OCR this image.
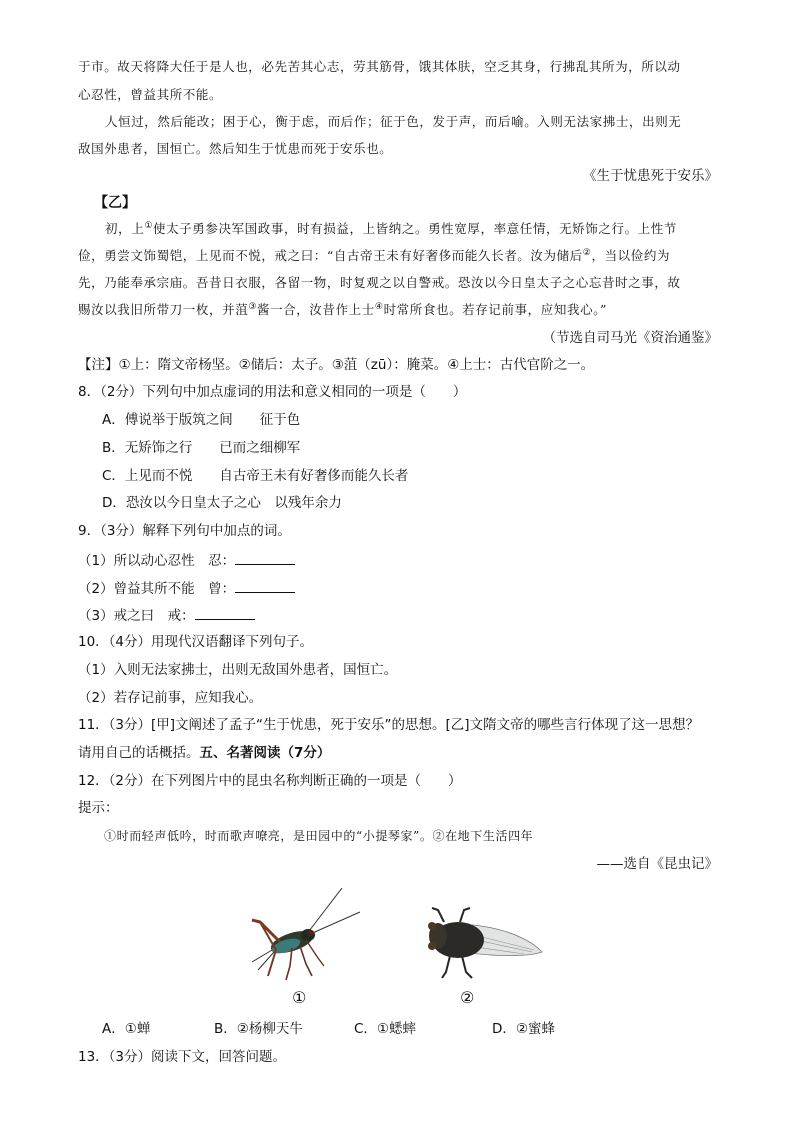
于市。故天将降大任于是人也，必先苦其心志，劳其筋骨，饿其体肤，空乏其身，行拂乱其所为，所以动
心忍性，曾益其所不能。
人恒过，然后能改；困于心，衡于虑，而后作；征于色，发于声，而后喻。入则无法家拂士，出则无
敌国外患者，国恒亡。然后知生于忧患而死于安乐也。
《生于忧患死于安乐》
【乙】
初，上①使太子勇参决军国政事，时有损益，上皆纳之。勇性宽厚，率意任情，无矫饰之行。上性节
俭，勇尝文饰蜀铠，上见而不悦，戒之曰：“自古帝王未有好奢侈而能久长者。汝为储后②，当以俭约为
先，乃能奉承宗庙。吾昔日衣服，各留一物，时复观之以自警戒。恐汝以今日皇太子之心忘昔时之事，故
赐汝以我旧所带刀一枚，并菹③酱一合，汝昔作上士④时常所食也。若存记前事，应知我心。”
（节选自司马光《资治通鉴》
【注】①上：隋文帝杨坚。②储后：太子。③菹（zū）：腌菜。④上士：古代官阶之一。
8．（2分）下列句中加点虚词的用法和意义相同的一项是（　　）
A．傅说举于版筑之间　　征于色
B．无矫饰之行　　已而之细柳军
C．上见而不悦　　自古帝王未有好奢侈而能久长者
D．恐汝以今日皇太子之心　以残年余力
9．（3分）解释下列句中加点的词。
（1）所以动心忍性　忍：
（2）曾益其所不能　曾：
（3）戒之曰　戒：
10．（4分）用现代汉语翻译下列句子。
（1）入则无法家拂士，出则无敌国外患者，国恒亡。
（2）若存记前事，应知我心。
11．（3分）[甲]文阐述了孟子“生于忧患，死于安乐”的思想。[乙]文隋文帝的哪些言行体现了这一思想？
请用自己的话概括。五、名著阅读（7分）
12．（2分）在下列图片中的昆虫名称判断正确的一项是（　　）
提示：
①时而轻声低吟，时而歌声嘹亮，是田园中的“小提琴家”。②在地下生活四年
——选自《昆虫记》
①	②
A．①蝉	B．②杨柳天牛	C．①蟋蟀	D．②蜜蜂
13．（3分）阅读下文，回答问题。
